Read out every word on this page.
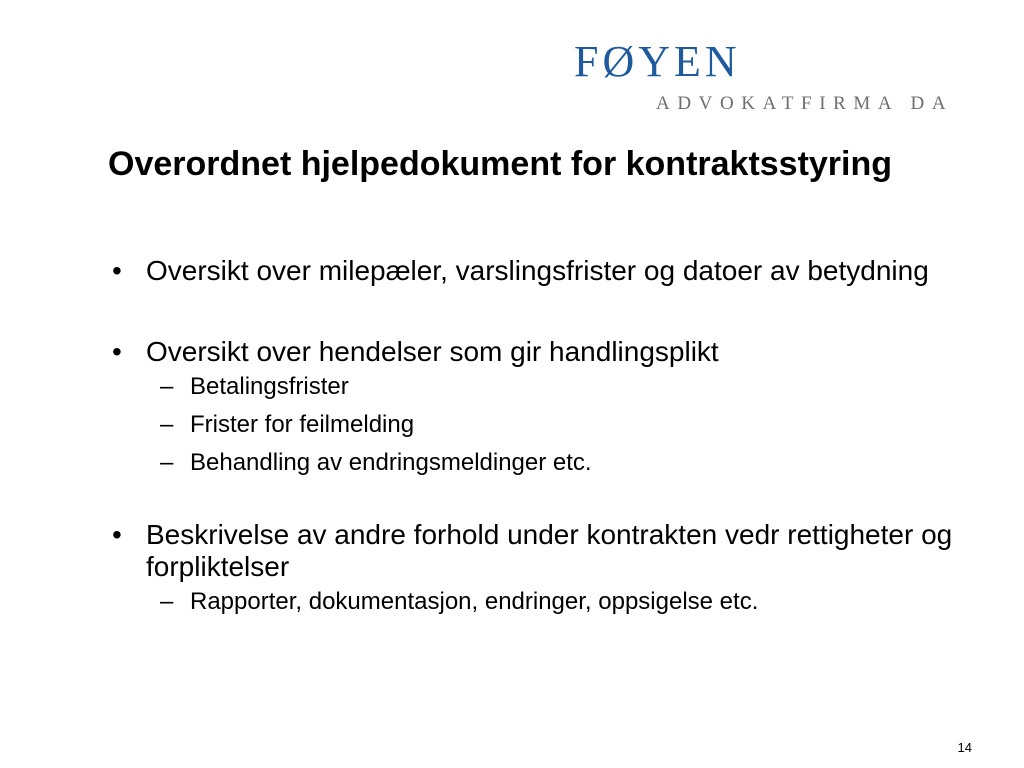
FØYEN
ADVOKATFIRMA DA
Overordnet hjelpedokument for kontraktsstyring
• Oversikt over milepæler, varslingsfrister og datoer av betydning
• Oversikt over hendelser som gir handlingsplikt
– Betalingsfrister
– Frister for feilmelding
– Behandling av endringsmeldinger etc.
• Beskrivelse av andre forhold under kontrakten vedr rettigheter og forpliktelser
– Rapporter, dokumentasjon, endringer, oppsigelse etc.
14
